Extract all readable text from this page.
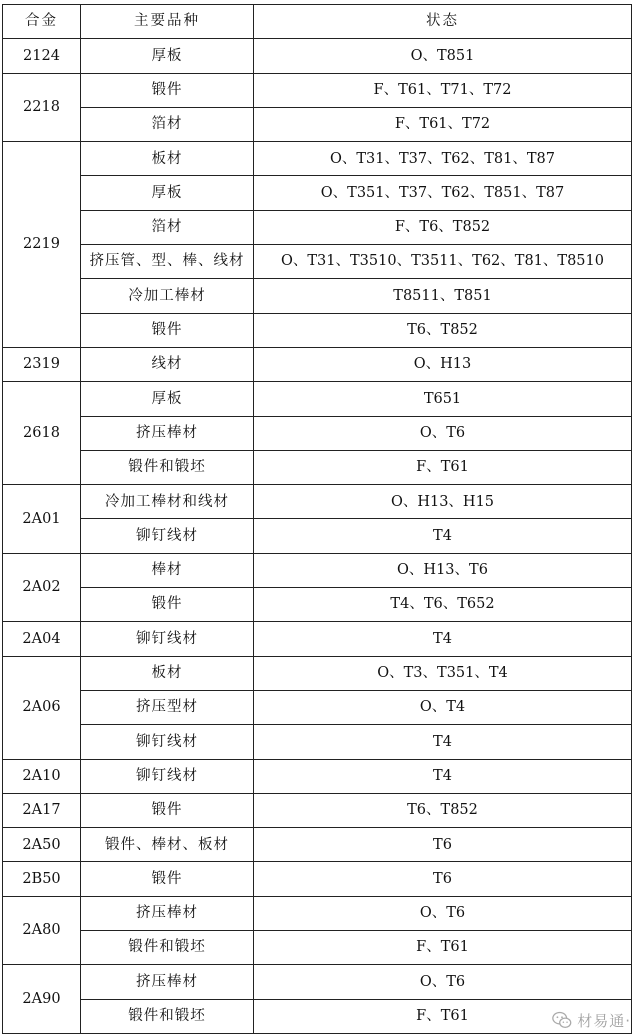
合金	主要品种	状态
2124	厚板	O、T851
2218	锻件	F、T61、T71、T72
	箔材	F、T61、T72
2219	板材	O、T31、T37、T62、T81、T87
	厚板	O、T351、T37、T62、T851、T87
	箔材	F、T6、T852
	挤压管、型、棒、线材	O、T31、T3510、T3511、T62、T81、T8510
	冷加工棒材	T8511、T851
	锻件	T6、T852
2319	线材	O、H13
2618	厚板	T651
	挤压棒材	O、T6
	锻件和锻坯	F、T61
2A01	冷加工棒材和线材	O、H13、H15
	铆钉线材	T4
2A02	棒材	O、H13、T6
	锻件	T4、T6、T652
2A04	铆钉线材	T4
2A06	板材	O、T3、T351、T4
	挤压型材	O、T4
	铆钉线材	T4
2A10	铆钉线材	T4
2A17	锻件	T6、T852
2A50	锻件、棒材、板材	T6
2B50	锻件	T6
2A80	挤压棒材	O、T6
	锻件和锻坯	F、T61
2A90	挤压棒材	O、T6
	锻件和锻坯	F、T61	材易通·
